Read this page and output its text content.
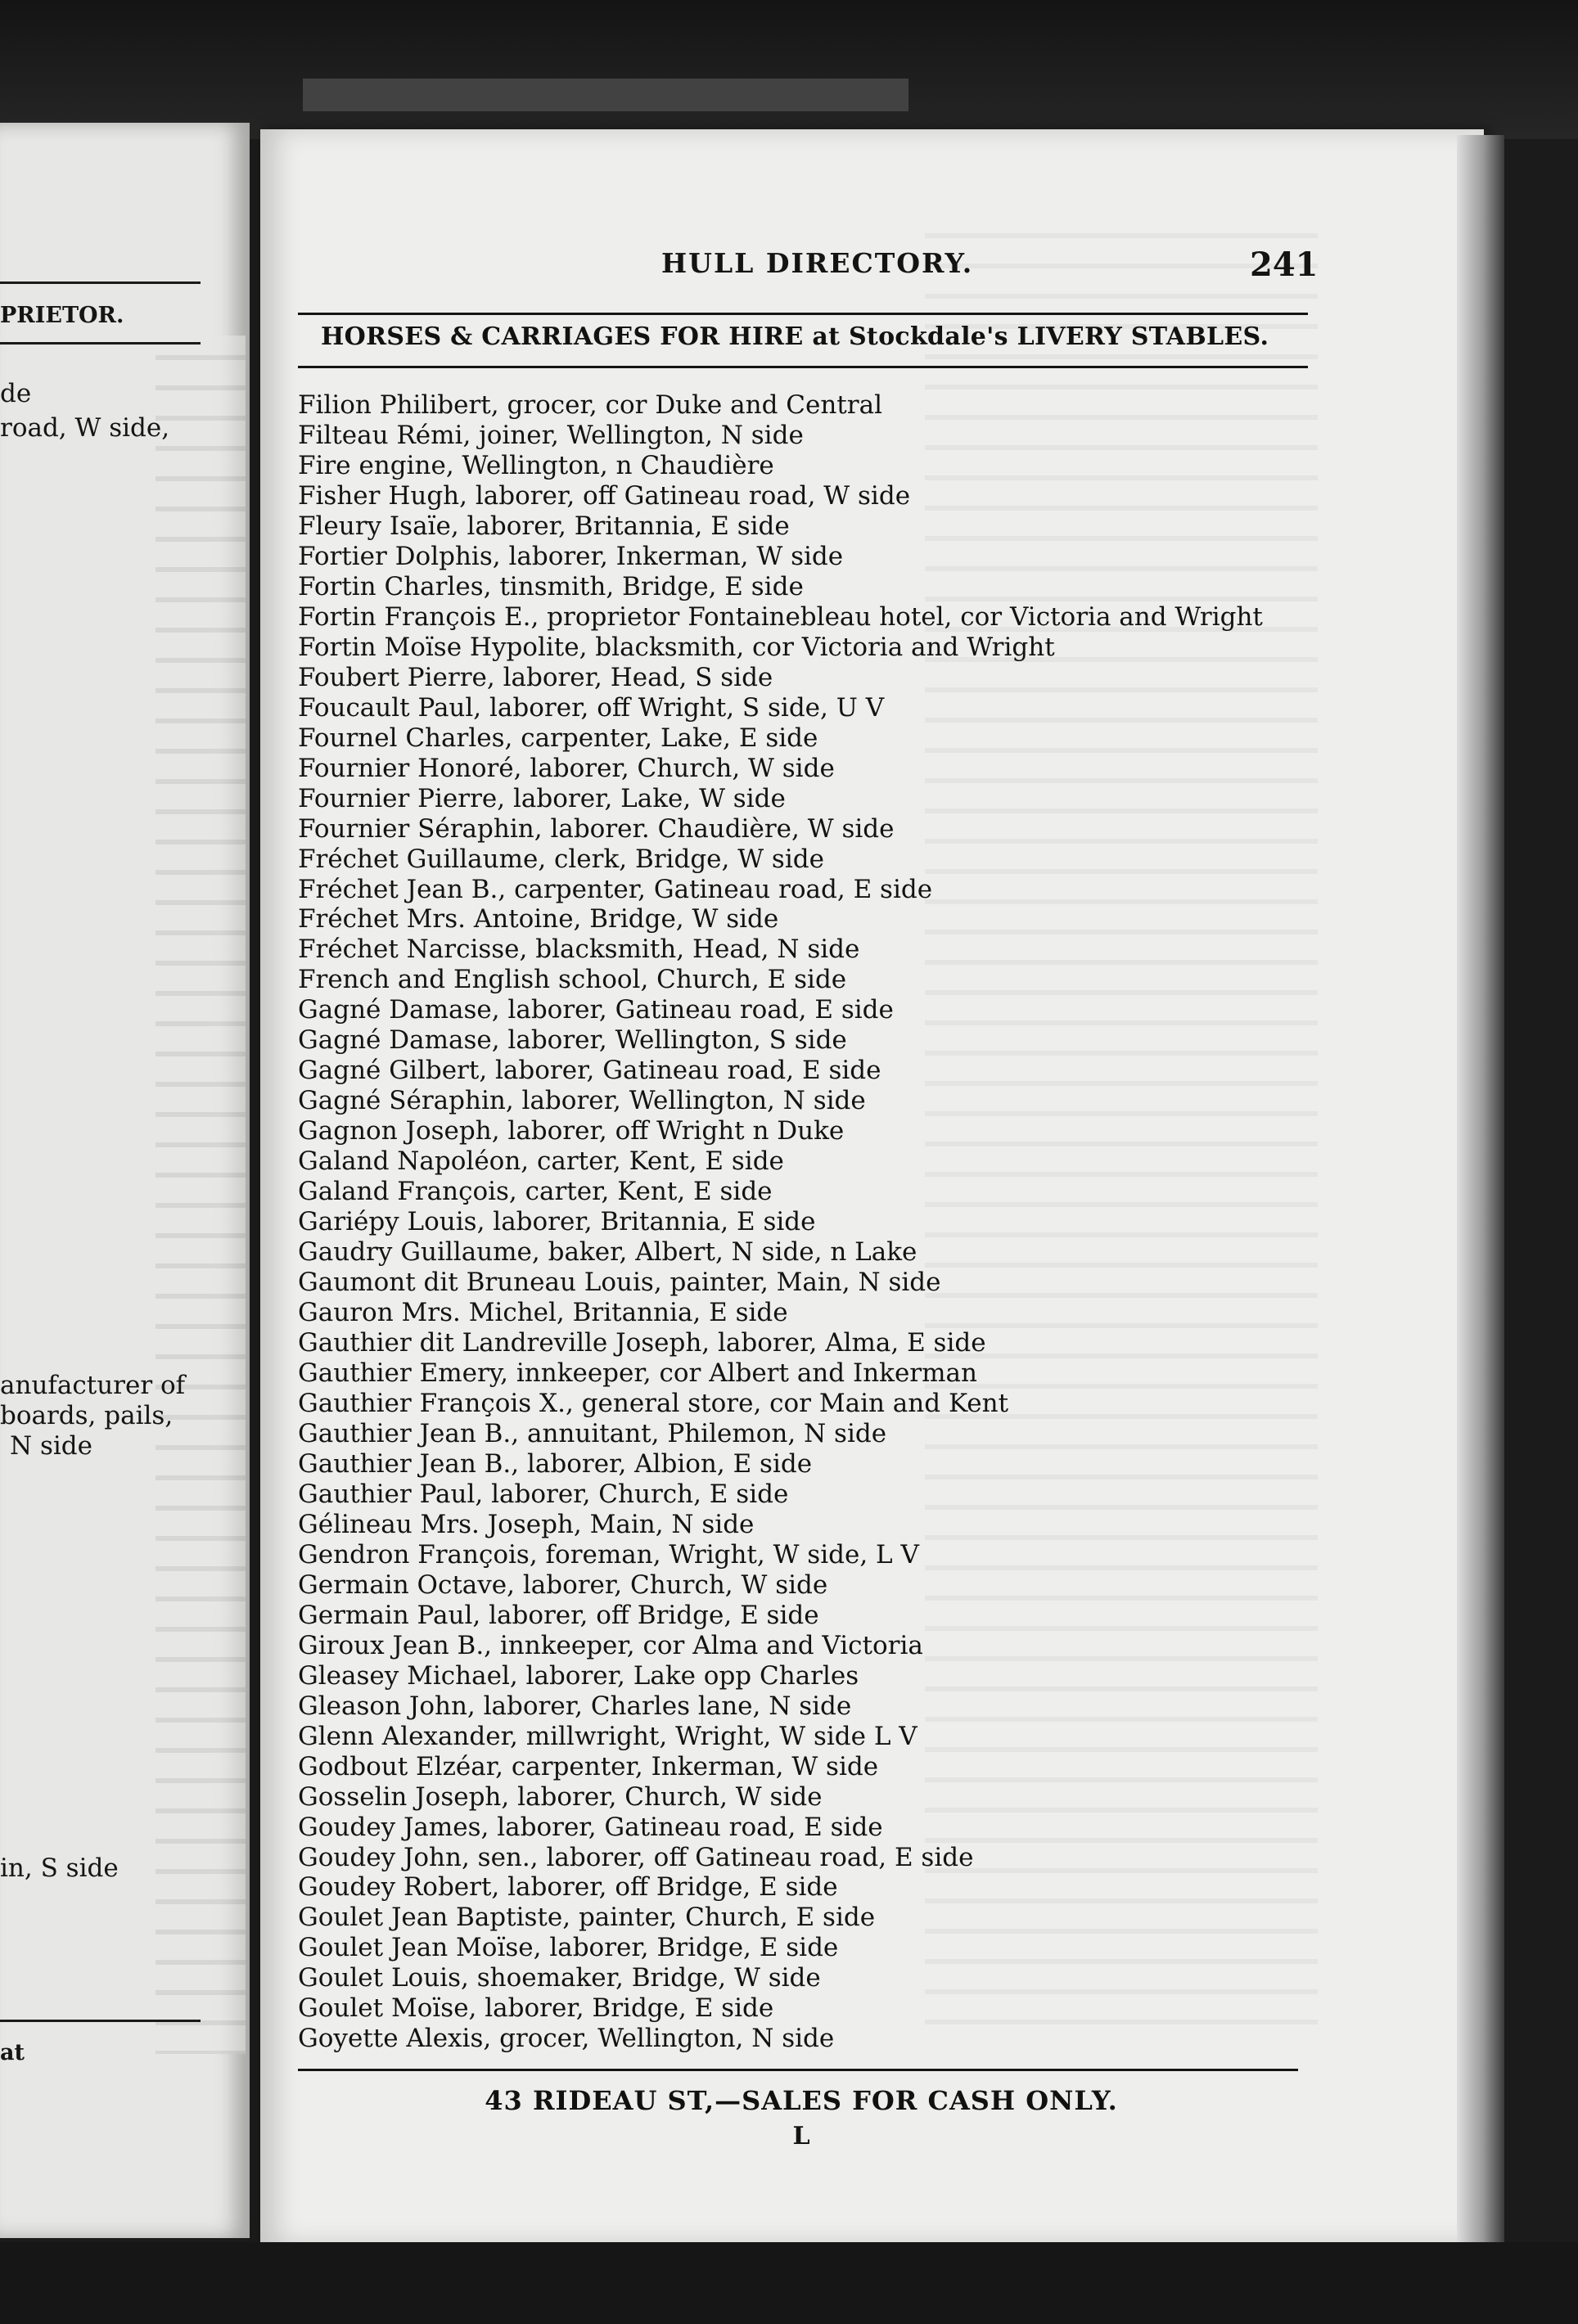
PRIETOR.
de
road, W side,
anufacturer of
boards, pails,
N side
in, S side
at
HULL DIRECTORY.	241
HORSES & CARRIAGES FOR HIRE at Stockdale's LIVERY STABLES.
Filion Philibert, grocer, cor Duke and Central
Filteau Rémi, joiner, Wellington, N side
Fire engine, Wellington, n Chaudière
Fisher Hugh, laborer, off Gatineau road, W side
Fleury Isaïe, laborer, Britannia, E side
Fortier Dolphis, laborer, Inkerman, W side
Fortin Charles, tinsmith, Bridge, E side
Fortin François E., proprietor Fontainebleau hotel, cor Victoria and Wright
Fortin Moïse Hypolite, blacksmith, cor Victoria and Wright
Foubert Pierre, laborer, Head, S side
Foucault Paul, laborer, off Wright, S side, U V
Fournel Charles, carpenter, Lake, E side
Fournier Honoré, laborer, Church, W side
Fournier Pierre, laborer, Lake, W side
Fournier Séraphin, laborer. Chaudière, W side
Fréchet Guillaume, clerk, Bridge, W side
Fréchet Jean B., carpenter, Gatineau road, E side
Fréchet Mrs. Antoine, Bridge, W side
Fréchet Narcisse, blacksmith, Head, N side
French and English school, Church, E side
Gagné Damase, laborer, Gatineau road, E side
Gagné Damase, laborer, Wellington, S side
Gagné Gilbert, laborer, Gatineau road, E side
Gagné Séraphin, laborer, Wellington, N side
Gagnon Joseph, laborer, off Wright n Duke
Galand Napoléon, carter, Kent, E side
Galand François, carter, Kent, E side
Gariépy Louis, laborer, Britannia, E side
Gaudry Guillaume, baker, Albert, N side, n Lake
Gaumont dit Bruneau Louis, painter, Main, N side
Gauron Mrs. Michel, Britannia, E side
Gauthier dit Landreville Joseph, laborer, Alma, E side
Gauthier Emery, innkeeper, cor Albert and Inkerman
Gauthier François X., general store, cor Main and Kent
Gauthier Jean B., annuitant, Philemon, N side
Gauthier Jean B., laborer, Albion, E side
Gauthier Paul, laborer, Church, E side
Gélineau Mrs. Joseph, Main, N side
Gendron François, foreman, Wright, W side, L V
Germain Octave, laborer, Church, W side
Germain Paul, laborer, off Bridge, E side
Giroux Jean B., innkeeper, cor Alma and Victoria
Gleasey Michael, laborer, Lake opp Charles
Gleason John, laborer, Charles lane, N side
Glenn Alexander, millwright, Wright, W side L V
Godbout Elzéar, carpenter, Inkerman, W side
Gosselin Joseph, laborer, Church, W side
Goudey James, laborer, Gatineau road, E side
Goudey John, sen., laborer, off Gatineau road, E side
Goudey Robert, laborer, off Bridge, E side
Goulet Jean Baptiste, painter, Church, E side
Goulet Jean Moïse, laborer, Bridge, E side
Goulet Louis, shoemaker, Bridge, W side
Goulet Moïse, laborer, Bridge, E side
Goyette Alexis, grocer, Wellington, N side
43 RIDEAU ST,—SALES FOR CASH ONLY.
L
